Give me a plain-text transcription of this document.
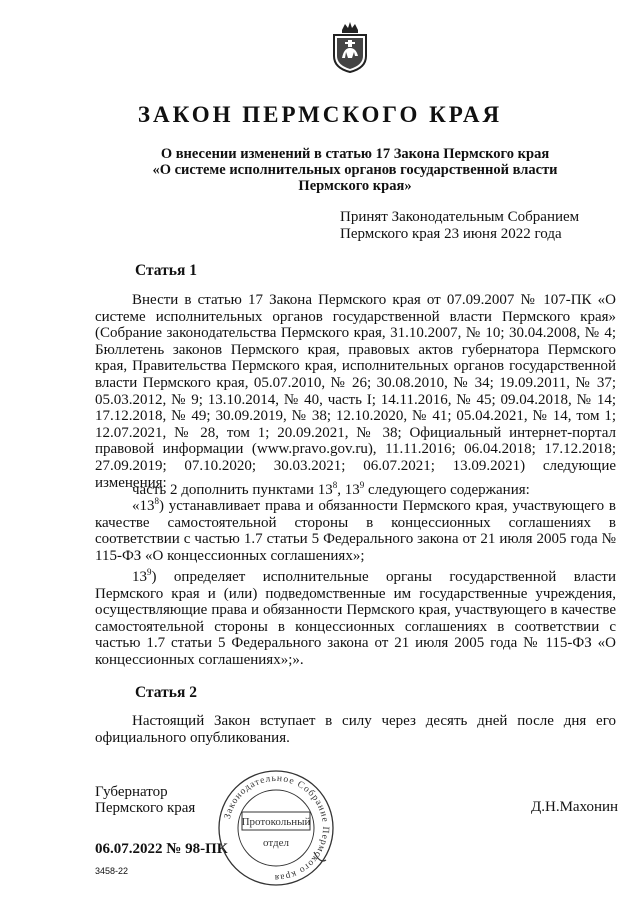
ЗАКОН ПЕРМСКОГО КРАЯ
О внесении изменений в статью 17 Закона Пермского края
«О системе исполнительных органов государственной власти
Пермского края»
Принят Законодательным Собранием
Пермского края 23 июня 2022 года
Статья 1

Внести в статью 17 Закона Пермского края от 07.09.2007 № 107-ПК «О системе исполнительных органов государственной власти Пермского края» (Собрание законодательства Пермского края, 31.10.2007, № 10; 30.04.2008, № 4; Бюллетень законов Пермского края, правовых актов губернатора Пермского края, Правительства Пермского края, исполнительных органов государственной власти Пермского края, 05.07.2010, № 26; 30.08.2010, № 34; 19.09.2011, № 37; 05.03.2012, № 9; 13.10.2014, № 40, часть I; 14.11.2016, № 45; 09.04.2018, № 14; 17.12.2018, № 49; 30.09.2019, № 38; 12.10.2020, № 41; 05.04.2021, № 14, том 1; 12.07.2021, № 28, том 1; 20.09.2021, № 38; Официальный интернет-портал правовой информации (www.pravo.gov.ru), 11.11.2016; 06.04.2018; 17.12.2018; 27.09.2019; 07.10.2020; 30.03.2021; 06.07.2021; 13.09.2021) следующие изменения:

часть 2 дополнить пунктами $13^8$, $13^9$ следующего содержания:

«$13^8$) устанавливает права и обязанности Пермского края, участвующего в качестве самостоятельной стороны в концессионных соглашениях в соответствии с частью 1.7 статьи 5 Федерального закона от 21 июля 2005 года № 115-ФЗ «О концессионных соглашениях»;

$13^9$) определяет исполнительные органы государственной власти Пермского края и (или) подведомственные им государственные учреждения, осуществляющие права и обязанности Пермского края, участвующего в качестве самостоятельной стороны в концессионных соглашениях в соответствии с частью 1.7 статьи 5 Федерального закона от 21 июля 2005 года № 115-ФЗ «О концессионных соглашениях»;».

Статья 2

Настоящий Закон вступает в силу через десять дней после дня его официального опубликования.

Губернатор
Пермского края	Д.Н.Махонин
06.07.2022 № 98-ПК
3458-22
Законодательное Собрание Пермского края
Протокольный
отдел
